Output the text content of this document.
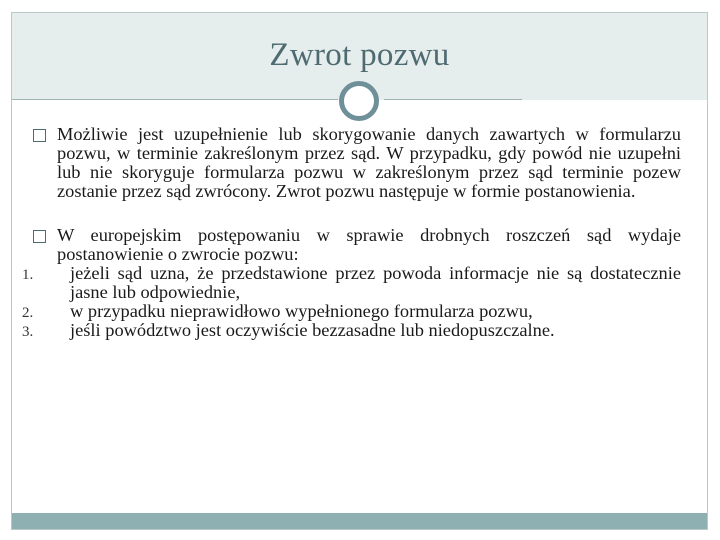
Zwrot pozwu
Możliwie jest uzupełnienie lub skorygowanie danych zawartych w formularzu pozwu, w terminie zakreślonym przez sąd. W przypadku, gdy powód nie uzupełni lub nie skoryguje formularza pozwu w zakreślonym przez sąd terminie pozew zostanie przez sąd zwrócony. Zwrot pozwu następuje w formie postanowienia.
W europejskim postępowaniu w sprawie drobnych roszczeń sąd wydaje postanowienie o zwrocie pozwu:
1. jeżeli sąd uzna, że przedstawione przez powoda informacje nie są dostatecznie jasne lub odpowiednie,
2. w przypadku nieprawidłowo wypełnionego formularza pozwu,
3. jeśli powództwo jest oczywiście bezzasadne lub niedopuszczalne.
